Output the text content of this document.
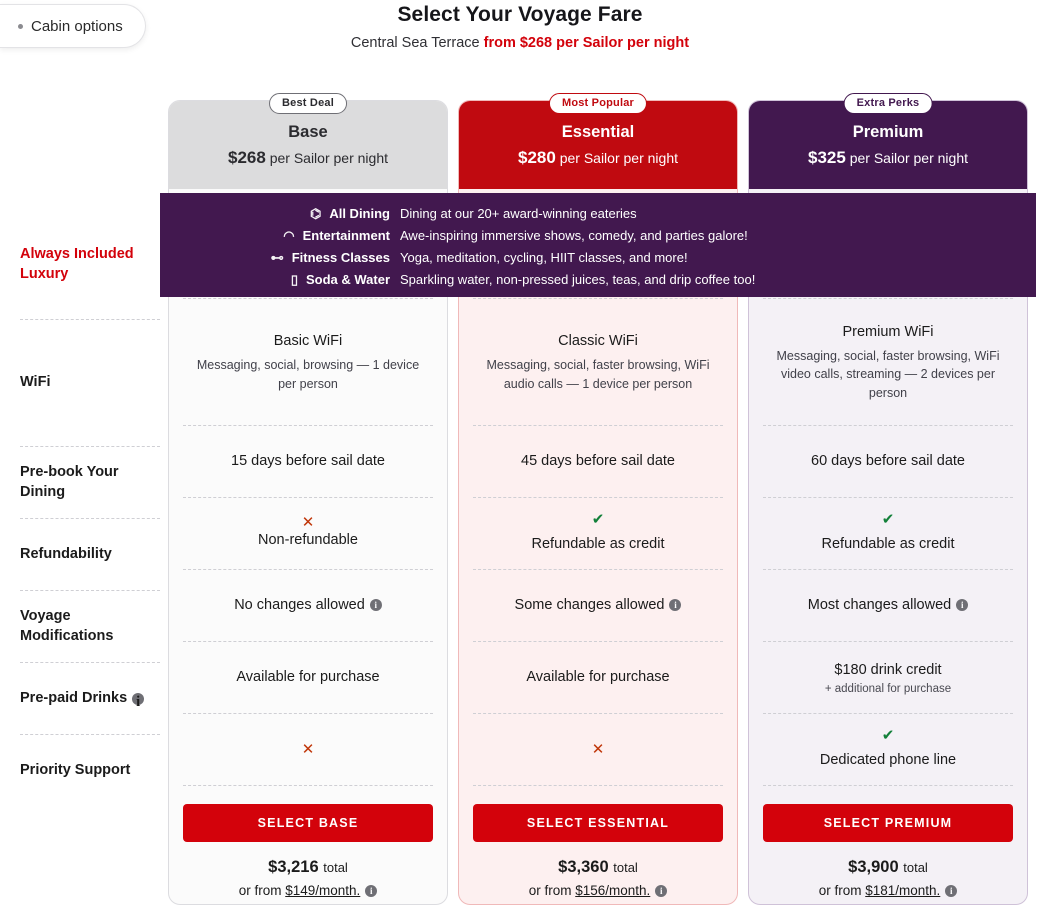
Select Your Voyage Fare
Central Sea Terrace from $268 per Sailor per night
Cabin options
Always Included Luxury
WiFi
Pre-book Your Dining
Refundability
Voyage Modifications
Pre-paid Drinks i
Priority Support
Base
$268 per Sailor per night
Basic WiFi
Messaging, social, browsing — 1 device per person
15 days before sail date
✕
Non-refundable
No changes allowed i
Available for purchase
✕
SELECT BASE
$3,216 total
or from $149/month. i
Essential
$280 per Sailor per night
Classic WiFi
Messaging, social, faster browsing, WiFi audio calls — 1 device per person
45 days before sail date
✔
Refundable as credit
Some changes allowed i
Available for purchase
✕
SELECT ESSENTIAL
$3,360 total
or from $156/month. i
Premium
$325 per Sailor per night
Premium WiFi
Messaging, social, faster browsing, WiFi video calls, streaming — 2 devices per person
60 days before sail date
✔
Refundable as credit
Most changes allowed i
$180 drink credit
+ additional for purchase
✔
Dedicated phone line
SELECT PREMIUM
$3,900 total
or from $181/month. i
Best Deal	Most Popular	Extra Perks
⌬ All Dining Dining at our 20+ award-winning eateries
◠ Entertainment Awe-inspiring immersive shows, comedy, and parties galore!
⊷ Fitness Classes Yoga, meditation, cycling, HIIT classes, and more!
▯ Soda & Water Sparkling water, non-pressed juices, teas, and drip coffee too!
